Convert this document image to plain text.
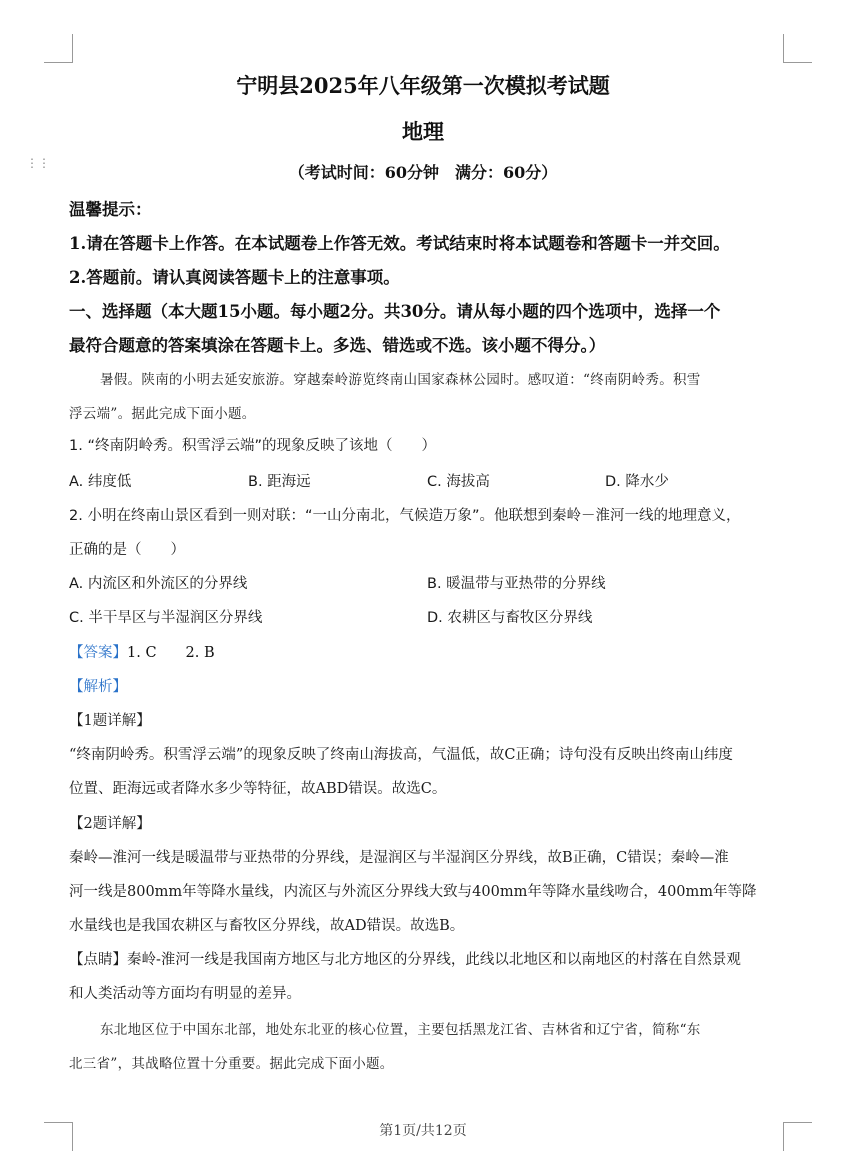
⋮⋮
宁明县2025年八年级第一次模拟考试题
地理
（考试时间：60分钟　满分：60分）
温馨提示：
1.请在答题卡上作答。在本试题卷上作答无效。考试结束时将本试题卷和答题卡一并交回。
2.答题前。请认真阅读答题卡上的注意事项。
一、选择题（本大题15小题。每小题2分。共30分。请从每小题的四个选项中，选择一个
最符合题意的答案填涂在答题卡上。多选、错选或不选。该小题不得分。）
暑假。陕南的小明去延安旅游。穿越秦岭游览终南山国家森林公园时。感叹道：“终南阴岭秀。积雪
浮云端”。据此完成下面小题。
1. “终南阴岭秀。积雪浮云端”的现象反映了该地（　　）
A. 纬度低	B. 距海远	C. 海拔高	D. 降水少
2. 小明在终南山景区看到一则对联：“一山分南北，气候造万象”。他联想到秦岭－淮河一线的地理意义，
正确的是（　　）
A. 内流区和外流区的分界线	B. 暖温带与亚热带的分界线
C. 半干旱区与半湿润区分界线	D. 农耕区与畜牧区分界线
【答案】1. C　　2. B
【解析】
【1题详解】
“终南阴岭秀。积雪浮云端”的现象反映了终南山海拔高，气温低，故C正确；诗句没有反映出终南山纬度
位置、距海远或者降水多少等特征，故ABD错误。故选C。
【2题详解】
秦岭—淮河一线是暖温带与亚热带的分界线，是湿润区与半湿润区分界线，故B正确，C错误；秦岭—淮
河一线是800mm年等降水量线，内流区与外流区分界线大致与400mm年等降水量线吻合，400mm年等降
水量线也是我国农耕区与畜牧区分界线，故AD错误。故选B。
【点睛】秦岭-淮河一线是我国南方地区与北方地区的分界线，此线以北地区和以南地区的村落在自然景观
和人类活动等方面均有明显的差异。
东北地区位于中国东北部，地处东北亚的核心位置，主要包括黑龙江省、吉林省和辽宁省，简称“东
北三省”，其战略位置十分重要。据此完成下面小题。
第1页/共12页
